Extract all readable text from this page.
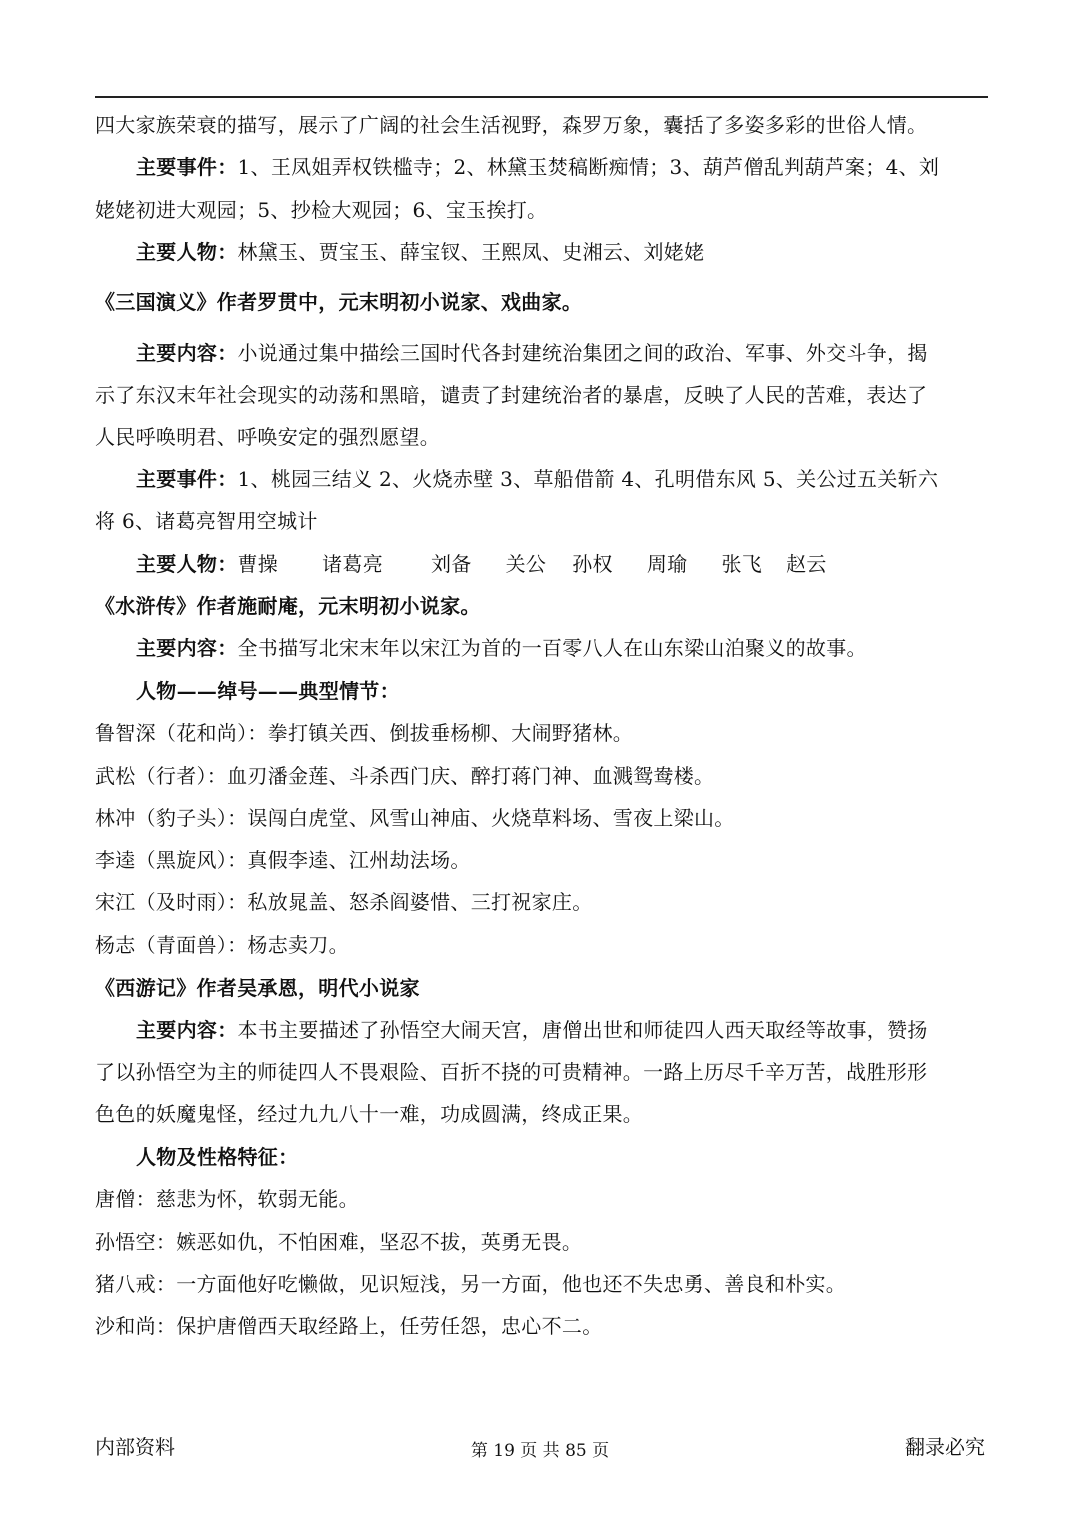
四大家族荣衰的描写，展示了广阔的社会生活视野，森罗万象，囊括了多姿多彩的世俗人情。
主要事件：1、王凤姐弄权铁槛寺；2、林黛玉焚稿断痴情；3、葫芦僧乱判葫芦案；4、刘
姥姥初进大观园；5、抄检大观园；6、宝玉挨打。
主要人物：林黛玉、贾宝玉、薛宝钗、王熙凤、史湘云、刘姥姥
《三国演义》作者罗贯中，元末明初小说家、戏曲家。
主要内容：小说通过集中描绘三国时代各封建统治集团之间的政治、军事、外交斗争，揭
示了东汉末年社会现实的动荡和黑暗，谴责了封建统治者的暴虐，反映了人民的苦难，表达了
人民呼唤明君、呼唤安定的强烈愿望。
主要事件：1、桃园三结义 2、火烧赤壁 3、草船借箭 4、孔明借东风 5、关公过五关斩六
将 6、诸葛亮智用空城计
主要人物：曹操 诸葛亮 刘备 关公 孙权 周瑜 张飞 赵云
《水浒传》作者施耐庵，元末明初小说家。
主要内容：全书描写北宋末年以宋江为首的一百零八人在山东梁山泊聚义的故事。
人物——绰号——典型情节：
鲁智深（花和尚）：拳打镇关西、倒拔垂杨柳、大闹野猪林。
武松（行者）：血刃潘金莲、斗杀西门庆、醉打蒋门神、血溅鸳鸯楼。
林冲（豹子头）：误闯白虎堂、风雪山神庙、火烧草料场、雪夜上梁山。
李逵（黑旋风）：真假李逵、江州劫法场。
宋江（及时雨）：私放晁盖、怒杀阎婆惜、三打祝家庄。
杨志（青面兽）：杨志卖刀。
《西游记》作者吴承恩，明代小说家
主要内容：本书主要描述了孙悟空大闹天宫，唐僧出世和师徒四人西天取经等故事，赞扬
了以孙悟空为主的师徒四人不畏艰险、百折不挠的可贵精神。一路上历尽千辛万苦，战胜形形
色色的妖魔鬼怪，经过九九八十一难，功成圆满，终成正果。
人物及性格特征：
唐僧：慈悲为怀，软弱无能。
孙悟空：嫉恶如仇，不怕困难，坚忍不拔，英勇无畏。
猪八戒：一方面他好吃懒做，见识短浅，另一方面，他也还不失忠勇、善良和朴实。
沙和尚：保护唐僧西天取经路上，任劳任怨，忠心不二。
内部资料	第 19 页 共 85 页	翻录必究
